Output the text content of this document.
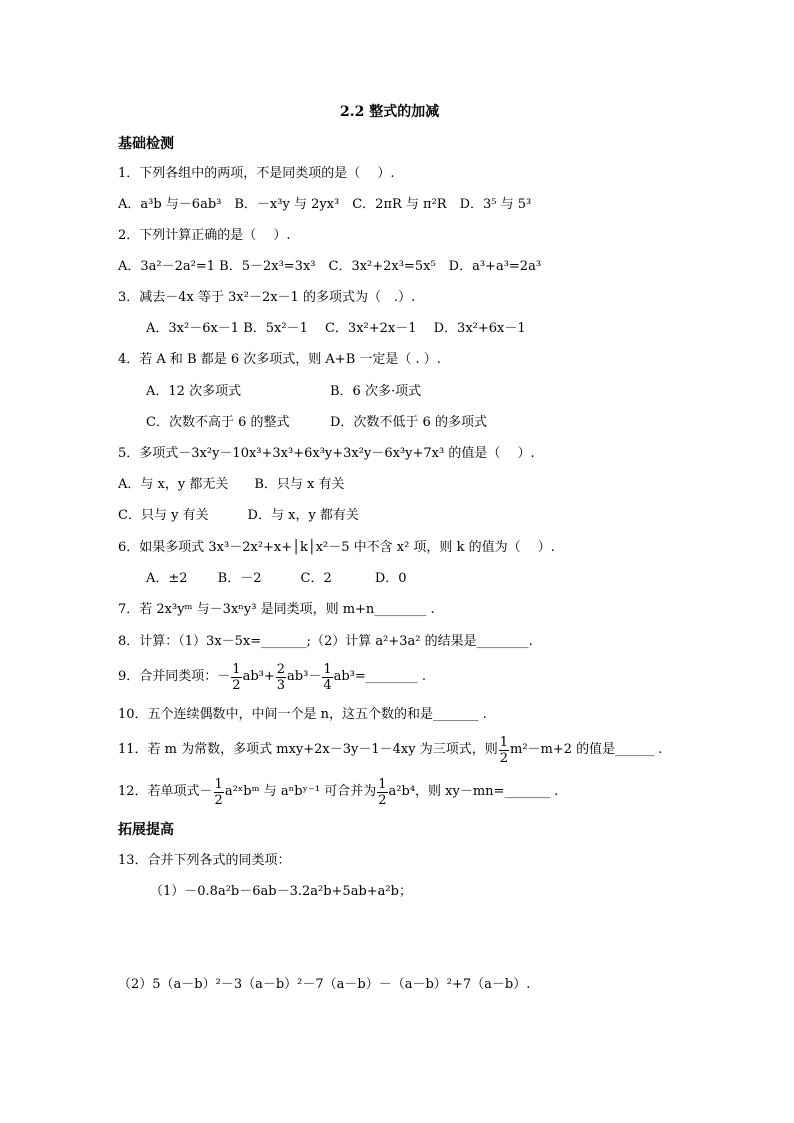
2.2 整式的加减
基础检测
1．下列各组中的两项，不是同类项的是（　 ）.
A．a³b 与－6ab³　B．－x³y 与 2yx³　C．2πR 与 π²R　D．3⁵ 与 5³
2．下列计算正确的是（　 ）.
A．3a²－2a²=1 B．5－2x³=3x³　C．3x²+2x³=5x⁵　D．a³+a³=2a³
3．减去－4x 等于 3x²－2x－1 的多项式为（　.）.
A．3x²－6x－1 B．5x²－1　 C．3x²+2x－1　 D．3x²+6x－1
4．若 A 和 B 都是 6 次多项式，则 A+B 一定是（ . ）.
A．12 次多项式	B．6 次多·项式
C．次数不高于 6 的整式	D．次数不低于 6 的多项式
5．多项式－3x²y－10x³+3x³+6x³y+3x²y－6x³y+7x³ 的值是（　 ）.
A．与 x，y 都无关　　B．只与 x 有关
C．只与 y 有关　　　D．与 x，y 都有关
6．如果多项式 3x³－2x²+x+│k│x²－5 中不含 x² 项，则 k 的值为（　 ）.
A．±2　　 B．－2　　　C．2　　　 D．0
7．若 2x³yᵐ 与－3xⁿy³ 是同类项，则 m+n________ .
8．计算：（1）3x－5x=_______;（2）计算 a²+3a² 的结果是________.
9．合并同类项：－ $\frac{1}{2} ab^3+ \frac{2}{3} ab^3- \frac{1}{4}$ ab³=________ .
10．五个连续偶数中，中间一个是 n，这五个数的和是_______ .
11．若 m 为常数，多项式 mxy+2x－3y－1－4xy 为三项式，则 $\frac{1}{2} m^2-m+2$ 的值是______ .
12．若单项式－ $\frac{1}{2}$ a²ˣbᵐ 与 aⁿbʸ⁻¹ 可合并为 $\frac{1}{2} a^2b^4$，则 xy－mn=_______ .
拓展提高
13．合并下列各式的同类项：
（1）－0.8a²b－6ab－3.2a²b+5ab+a²b；
（2）5（a－b）²－3（a－b）²－7（a－b）－（a－b）²+7（a－b）.
